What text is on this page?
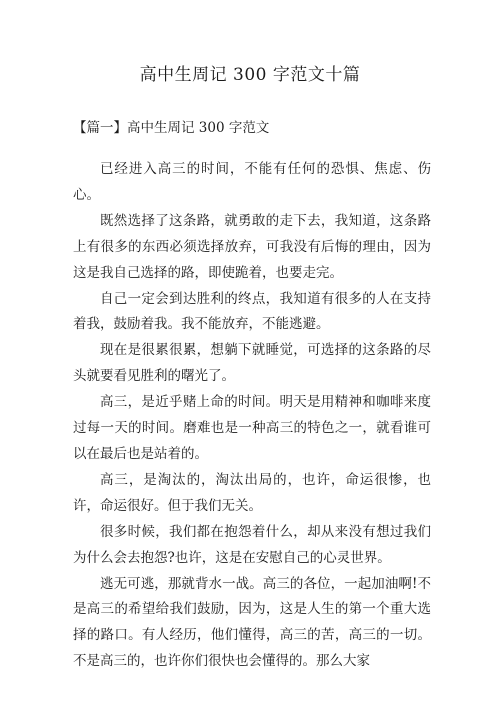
高中生周记 300 字范文十篇
【篇一】高中生周记 300 字范文

已经进入高三的时间，不能有任何的恐惧、焦虑、伤心。

既然选择了这条路，就勇敢的走下去，我知道，这条路上有很多的东西必须选择放弃，可我没有后悔的理由，因为这是我自己选择的路，即使跪着，也要走完。

自己一定会到达胜利的终点，我知道有很多的人在支持着我，鼓励着我。我不能放弃，不能逃避。

现在是很累很累，想躺下就睡觉，可选择的这条路的尽头就要看见胜利的曙光了。

高三，是近乎赌上命的时间。明天是用精神和咖啡来度过每一天的时间。磨难也是一种高三的特色之一，就看谁可以在最后也是站着的。

高三，是淘汰的，淘汰出局的，也许，命运很惨，也许，命运很好。但于我们无关。

很多时候，我们都在抱怨着什么，却从来没有想过我们为什么会去抱怨?也许，这是在安慰自己的心灵世界。

逃无可逃，那就背水一战。高三的各位，一起加油啊!不是高三的希望给我们鼓励，因为，这是人生的第一个重大选择的路口。有人经历，他们懂得，高三的苦，高三的一切。不是高三的，也许你们很快也会懂得的。那么大家
